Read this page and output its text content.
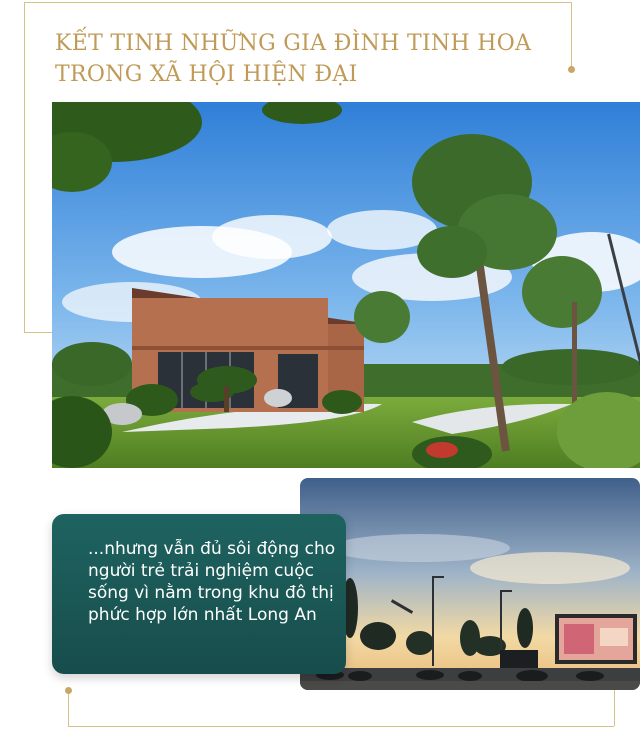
KẾT TINH NHỮNG GIA ĐÌNH TINH HOA
TRONG XÃ HỘI HIỆN ĐẠI

...nhưng vẫn đủ sôi động cho người trẻ trải nghiệm cuộc sống vì nằm trong khu đô thị phức hợp lớn nhất Long An
